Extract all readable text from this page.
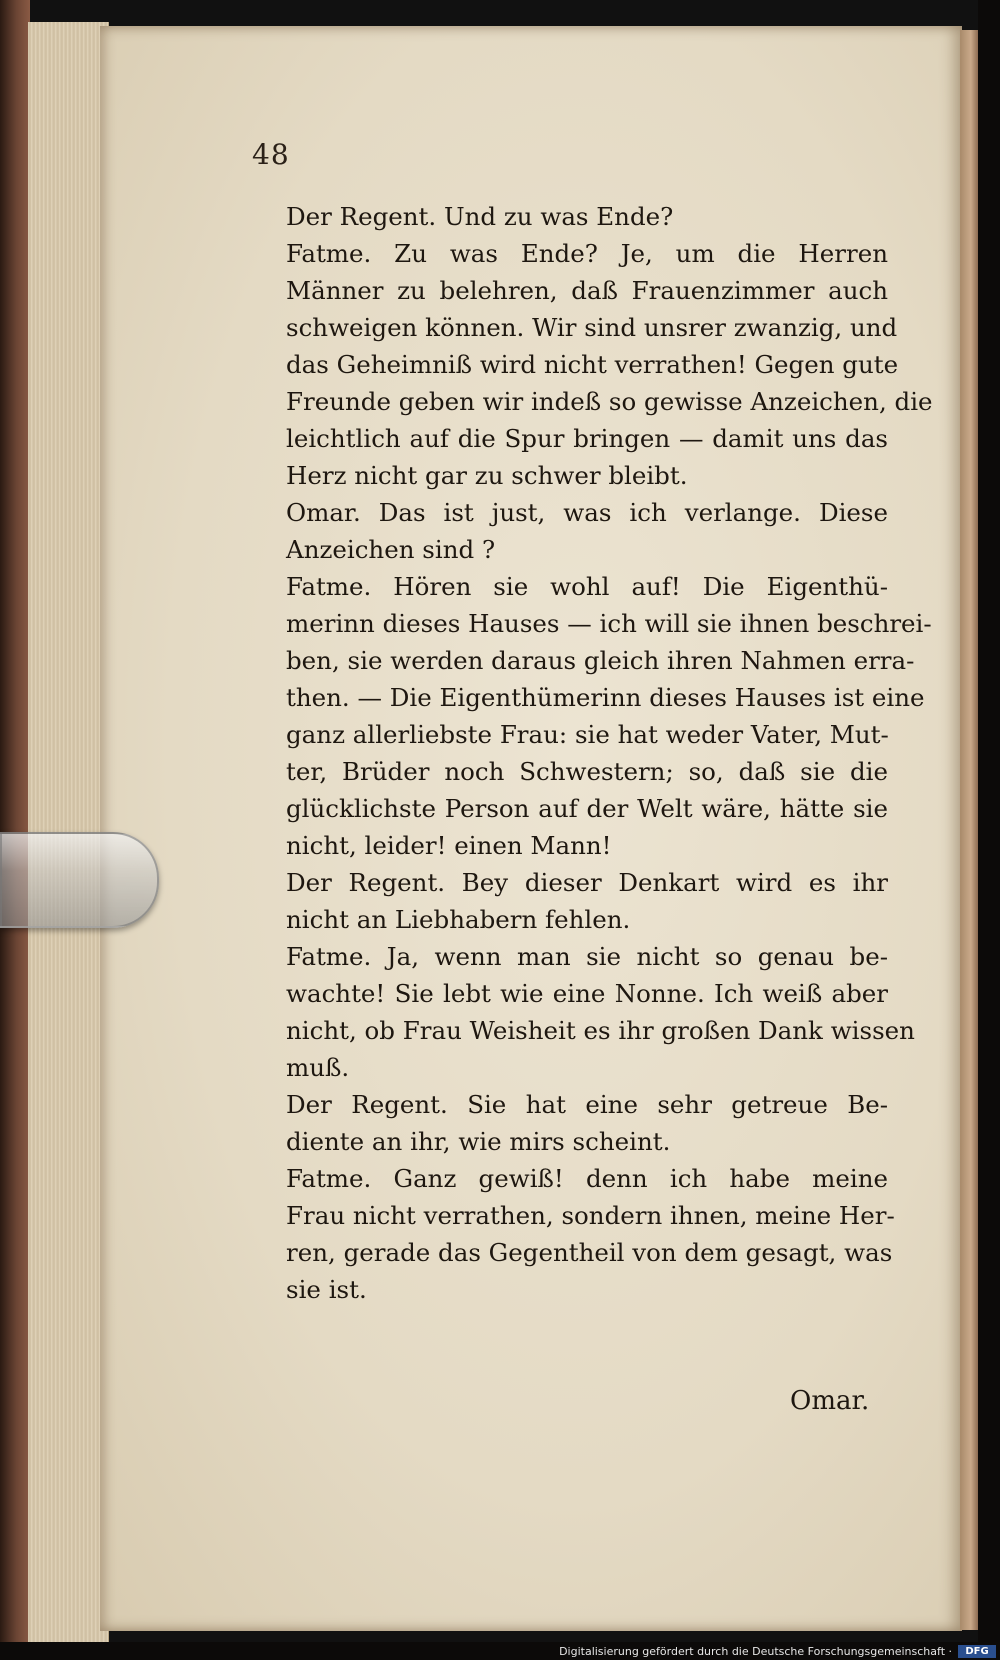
48
Der Regent. Und zu was Ende?
Fatme. Zu was Ende? Je, um die Herren
Männer zu belehren, daß Frauenzimmer auch
schweigen können. Wir sind unsrer zwanzig, und
das Geheimniß wird nicht verrathen! Gegen gute
Freunde geben wir indeß so gewisse Anzeichen, die
leichtlich auf die Spur bringen — damit uns das
Herz nicht gar zu schwer bleibt.
Omar. Das ist just, was ich verlange. Diese
Anzeichen sind ?
Fatme. Hören sie wohl auf! Die Eigenthü-
merinn dieses Hauses — ich will sie ihnen beschrei-
ben, sie werden daraus gleich ihren Nahmen erra-
then. — Die Eigenthümerinn dieses Hauses ist eine
ganz allerliebste Frau: sie hat weder Vater, Mut-
ter, Brüder noch Schwestern; so, daß sie die
glücklichste Person auf der Welt wäre, hätte sie
nicht, leider! einen Mann!
Der Regent. Bey dieser Denkart wird es ihr
nicht an Liebhabern fehlen.
Fatme. Ja, wenn man sie nicht so genau be-
wachte! Sie lebt wie eine Nonne. Ich weiß aber
nicht, ob Frau Weisheit es ihr großen Dank wissen
muß.
Der Regent. Sie hat eine sehr getreue Be-
diente an ihr, wie mirs scheint.
Fatme. Ganz gewiß! denn ich habe meine
Frau nicht verrathen, sondern ihnen, meine Her-
ren, gerade das Gegentheil von dem gesagt, was
sie ist.
Omar.
Digitalisierung gefördert durch die Deutsche Forschungsgemeinschaft ·	DFG
